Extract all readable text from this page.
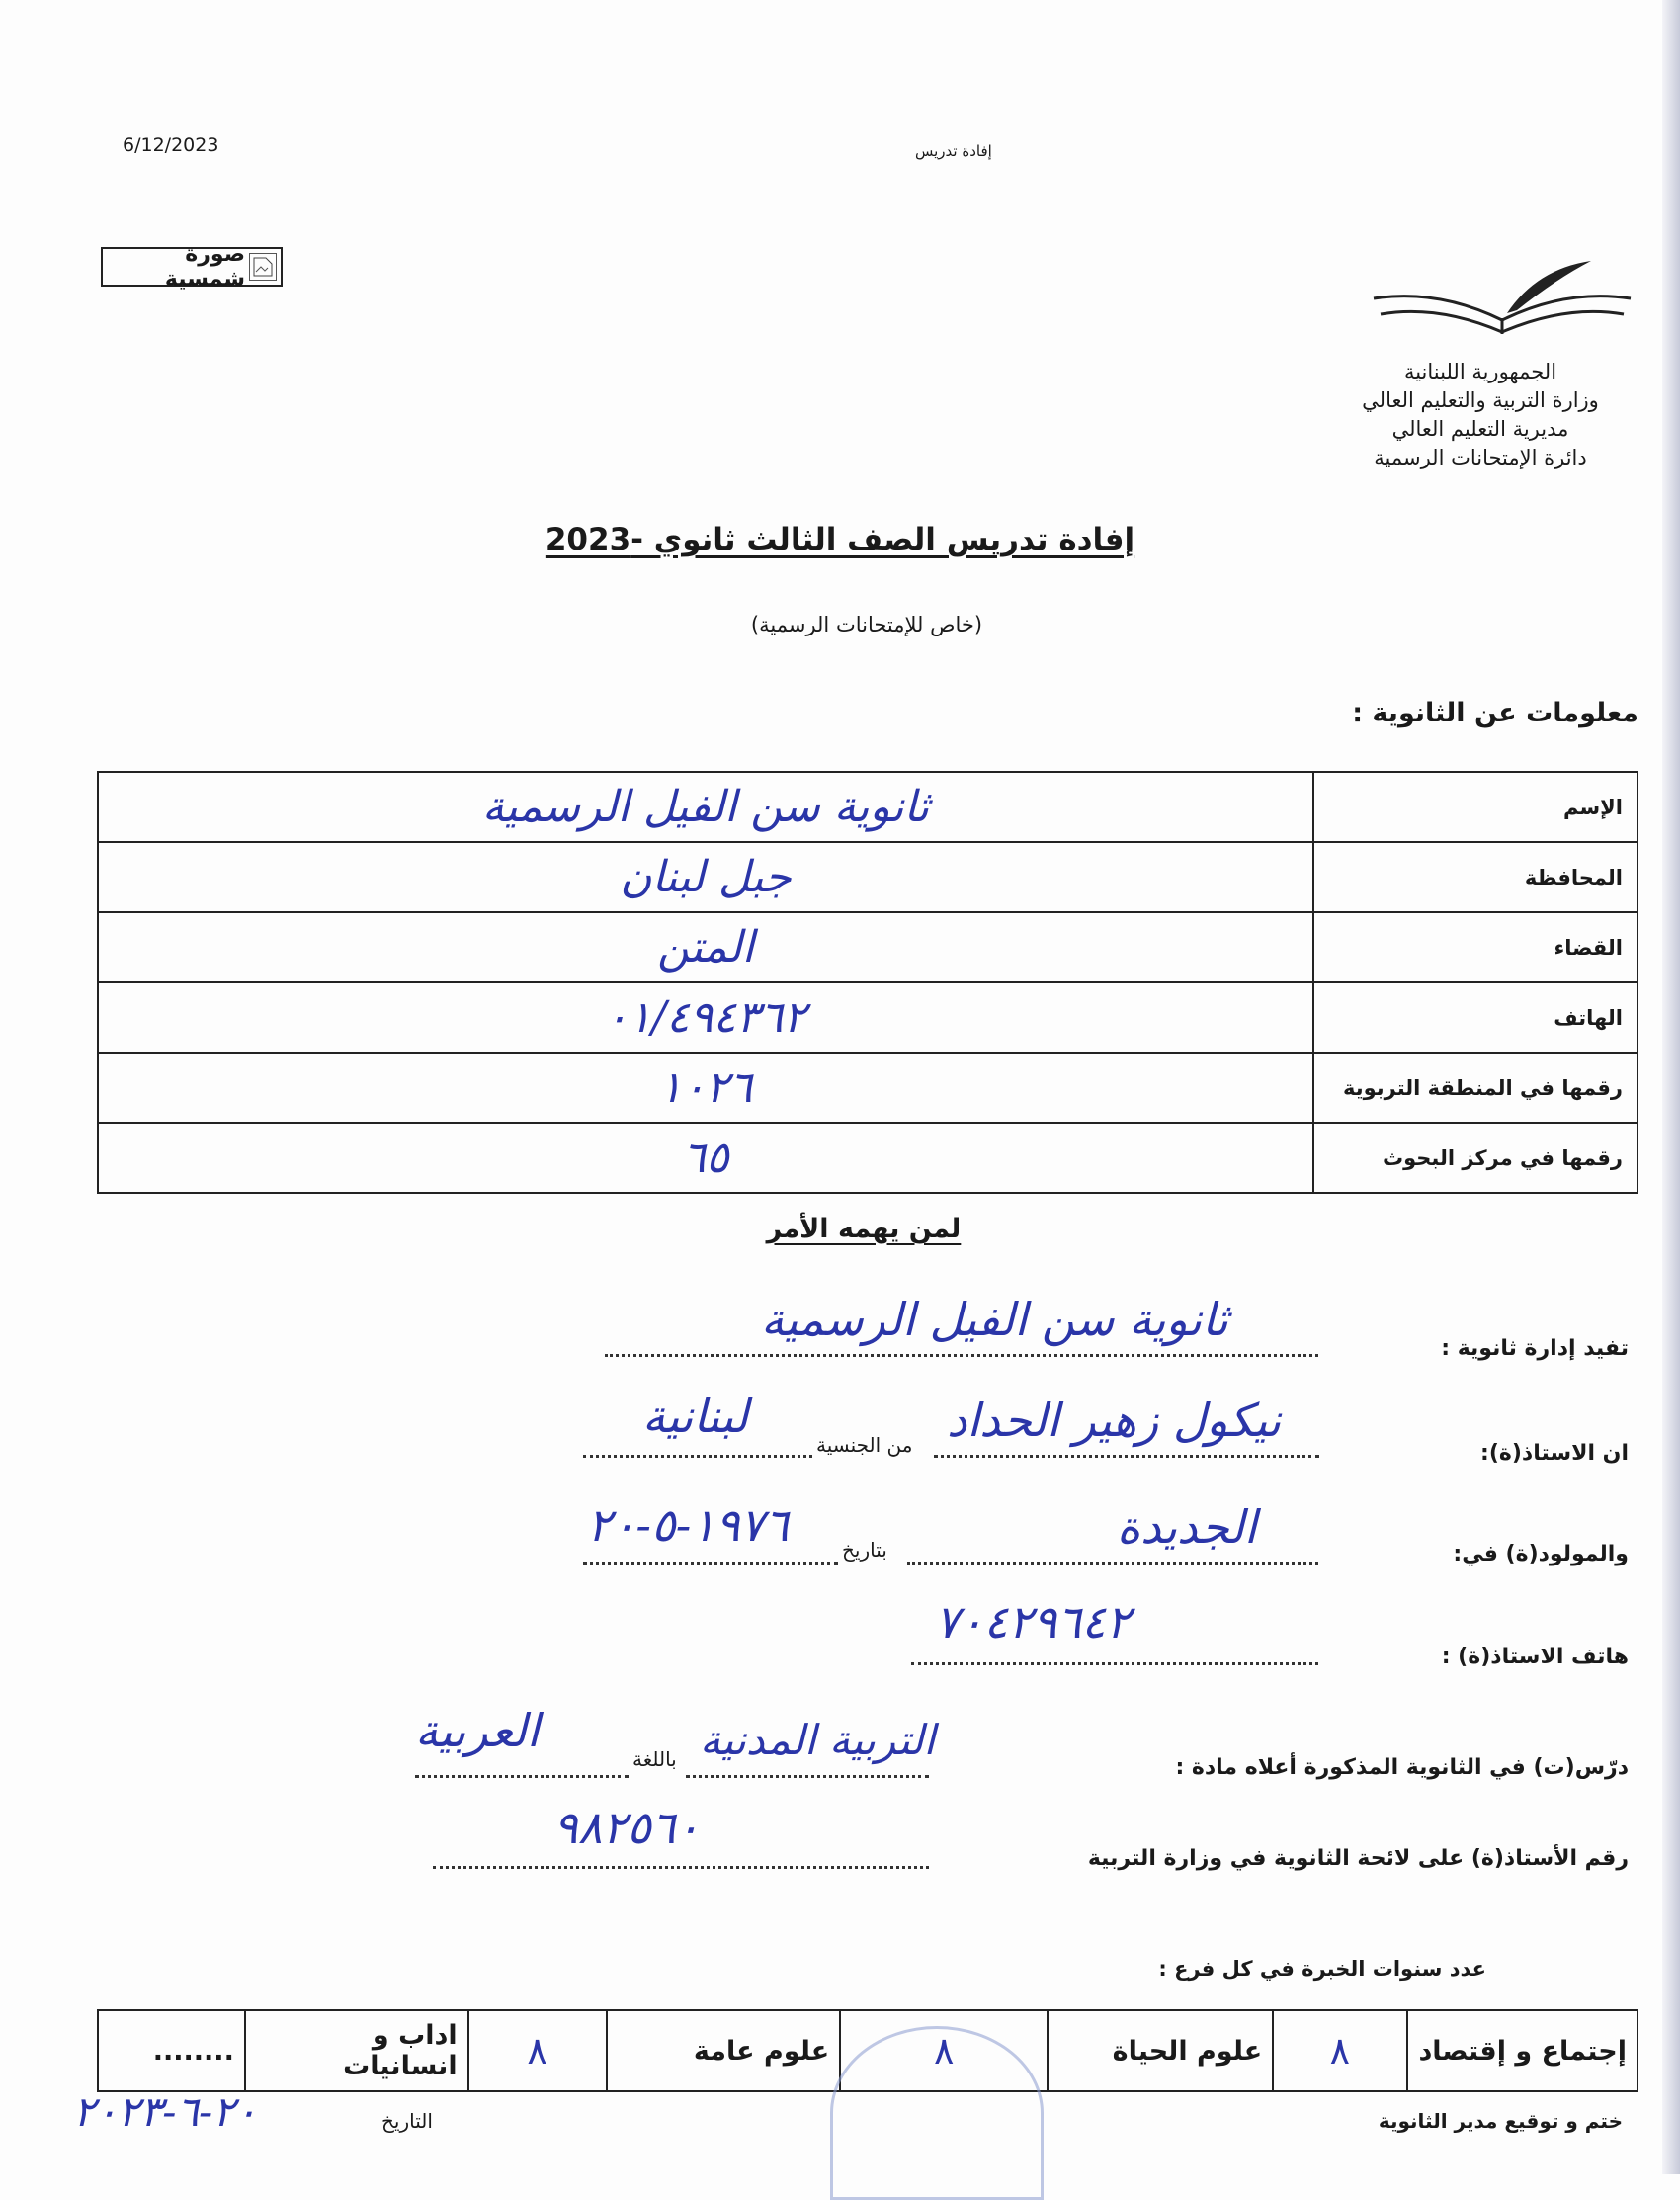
6/12/2023	إفادة تدريس
صورة شمسية
الجمهورية اللبنانية
وزارة التربية والتعليم العالي
مديرية التعليم العالي
دائرة الإمتحانات الرسمية
إفادة تدريس الصف الثالث ثانوي -2023
(خاص للإمتحانات الرسمية)
معلومات عن الثانوية :
ثانوية سن الفيل الرسمية	الإسم
جبل لبنان	المحافظة
المتن	القضاء
٠١/٤٩٤٣٦٢	الهاتف
١٠٢٦	رقمها في المنطقة التربوية
٦٥	رقمها في مركز البحوث
لمن يهمه الأمر
تفيد إدارة ثانوية :
ثانوية سن الفيل الرسمية
ان الاستاذ(ة):
نيكول زهير الحداد
من الجنسية
لبنانية
والمولود(ة) في:
الجديدة
بتاريخ
١٩٧٦-٥-٢٠
هاتف الاستاذ(ة) :
٧٠٤٢٩٦٤٢
درّس(ت) في الثانوية المذكورة أعلاه مادة :
التربية المدنية
باللغة
العربية
رقم الأستاذ(ة) على لائحة الثانوية في وزارة التربية
٩٨٢٥٦٠
عدد سنوات الخبرة في كل فرع :
........	اداب و انسانيات	٨	علوم عامة	٨	علوم الحياة	٨	إجتماع و إقتصاد
ختم و توقيع مدير الثانوية
التاريخ
٢٠-٦-٢٠٢٣
